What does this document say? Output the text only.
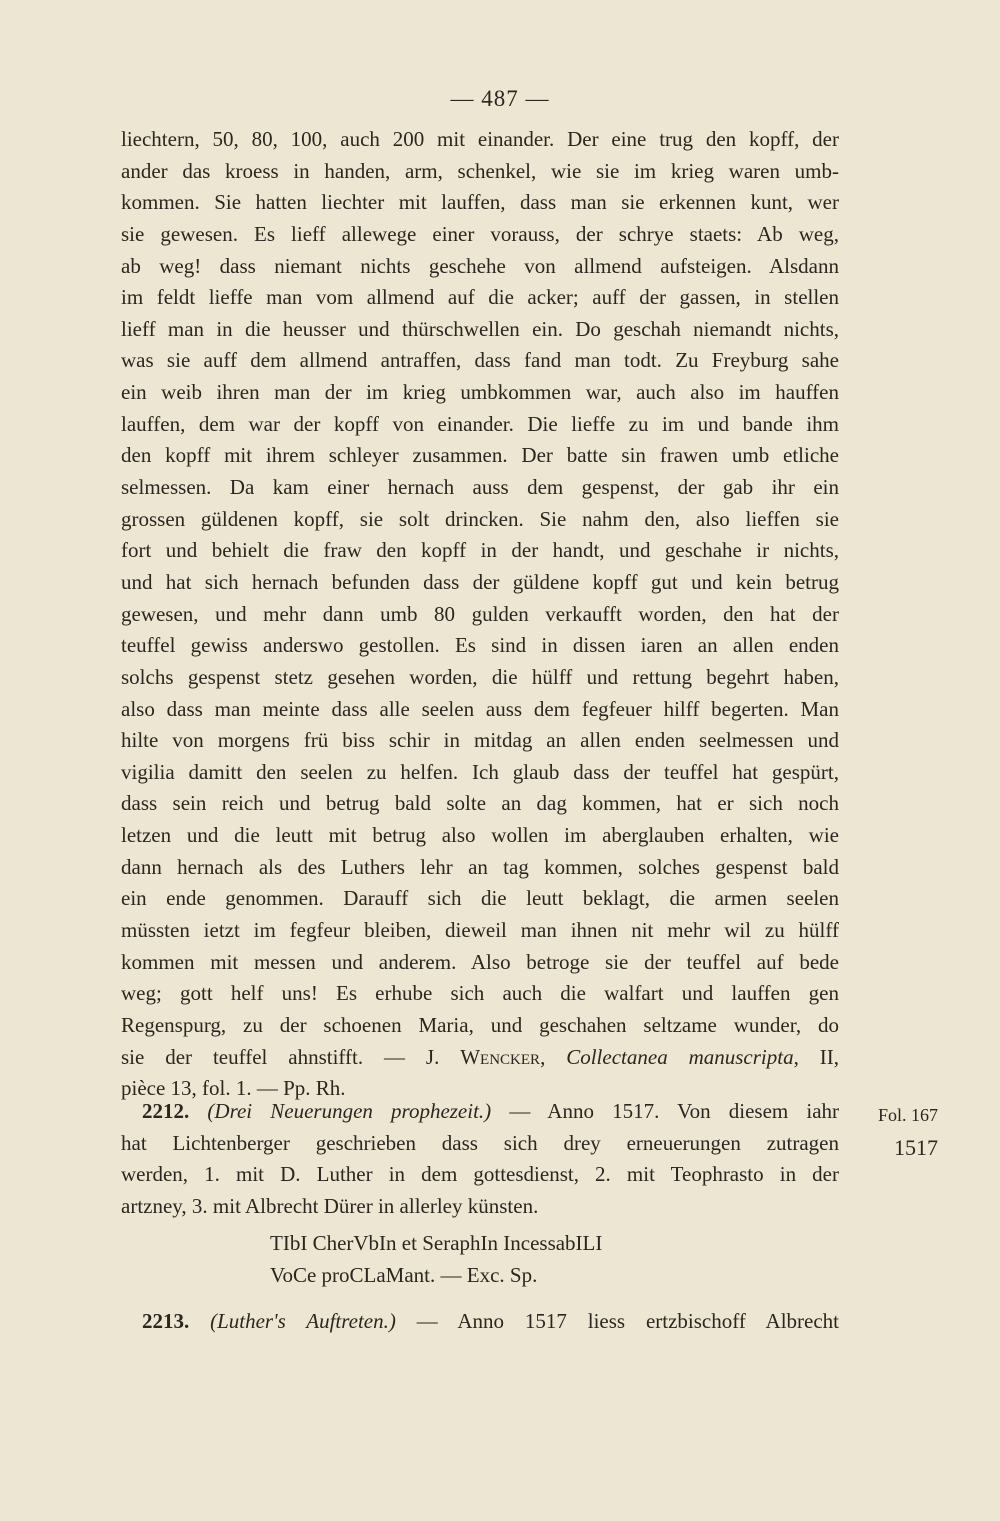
— 487 —
liechtern, 50, 80, 100, auch 200 mit einander. Der eine trug den kopff, der
ander das kroess in handen, arm, schenkel, wie sie im krieg waren umb-
kommen. Sie hatten liechter mit lauffen, dass man sie erkennen kunt, wer
sie gewesen. Es lieff allewege einer vorauss, der schrye staets: Ab weg,
ab weg! dass niemant nichts geschehe von allmend aufsteigen. Alsdann
im feldt lieffe man vom allmend auf die acker; auff der gassen, in stellen
lieff man in die heusser und thürschwellen ein. Do geschah niemandt nichts,
was sie auff dem allmend antraffen, dass fand man todt. Zu Freyburg sahe
ein weib ihren man der im krieg umbkommen war, auch also im hauffen
lauffen, dem war der kopff von einander. Die lieffe zu im und bande ihm
den kopff mit ihrem schleyer zusammen. Der batte sin frawen umb etliche
selmessen. Da kam einer hernach auss dem gespenst, der gab ihr ein
grossen güldenen kopff, sie solt drincken. Sie nahm den, also lieffen sie
fort und behielt die fraw den kopff in der handt, und geschahe ir nichts,
und hat sich hernach befunden dass der güldene kopff gut und kein betrug
gewesen, und mehr dann umb 80 gulden verkaufft worden, den hat der
teuffel gewiss anderswo gestollen. Es sind in dissen iaren an allen enden
solchs gespenst stetz gesehen worden, die hülff und rettung begehrt haben,
also dass man meinte dass alle seelen auss dem fegfeuer hilff begerten. Man
hilte von morgens frü biss schir in mitdag an allen enden seelmessen und
vigilia damitt den seelen zu helfen. Ich glaub dass der teuffel hat gespürt,
dass sein reich und betrug bald solte an dag kommen, hat er sich noch
letzen und die leutt mit betrug also wollen im aberglauben erhalten, wie
dann hernach als des Luthers lehr an tag kommen, solches gespenst bald
ein ende genommen. Darauff sich die leutt beklagt, die armen seelen
müssten ietzt im fegfeur bleiben, dieweil man ihnen nit mehr wil zu hülff
kommen mit messen und anderem. Also betroge sie der teuffel auf bede
weg; gott helf uns! Es erhube sich auch die walfart und lauffen gen
Regenspurg, zu der schoenen Maria, und geschahen seltzame wunder, do
sie der teuffel ahnstifft. — J. Wencker, Collectanea manuscripta, II,
pièce 13, fol. 1. — Pp. Rh.
 2212. (Drei Neuerungen prophezeit.) — Anno 1517. Von diesem iahr
hat Lichtenberger geschrieben dass sich drey erneuerungen zutragen
werden, 1. mit D. Luther in dem gottesdienst, 2. mit Teophrasto in der
artzney, 3. mit Albrecht Dürer in allerley künsten.
Fol. 167
1517
TIbI CherVbIn et SeraphIn IncessabILI
VoCe proCLaMant. — Exc. Sp.
 2213. (Luther's Auftreten.) — Anno 1517 liess ertzbischoff Albrecht
